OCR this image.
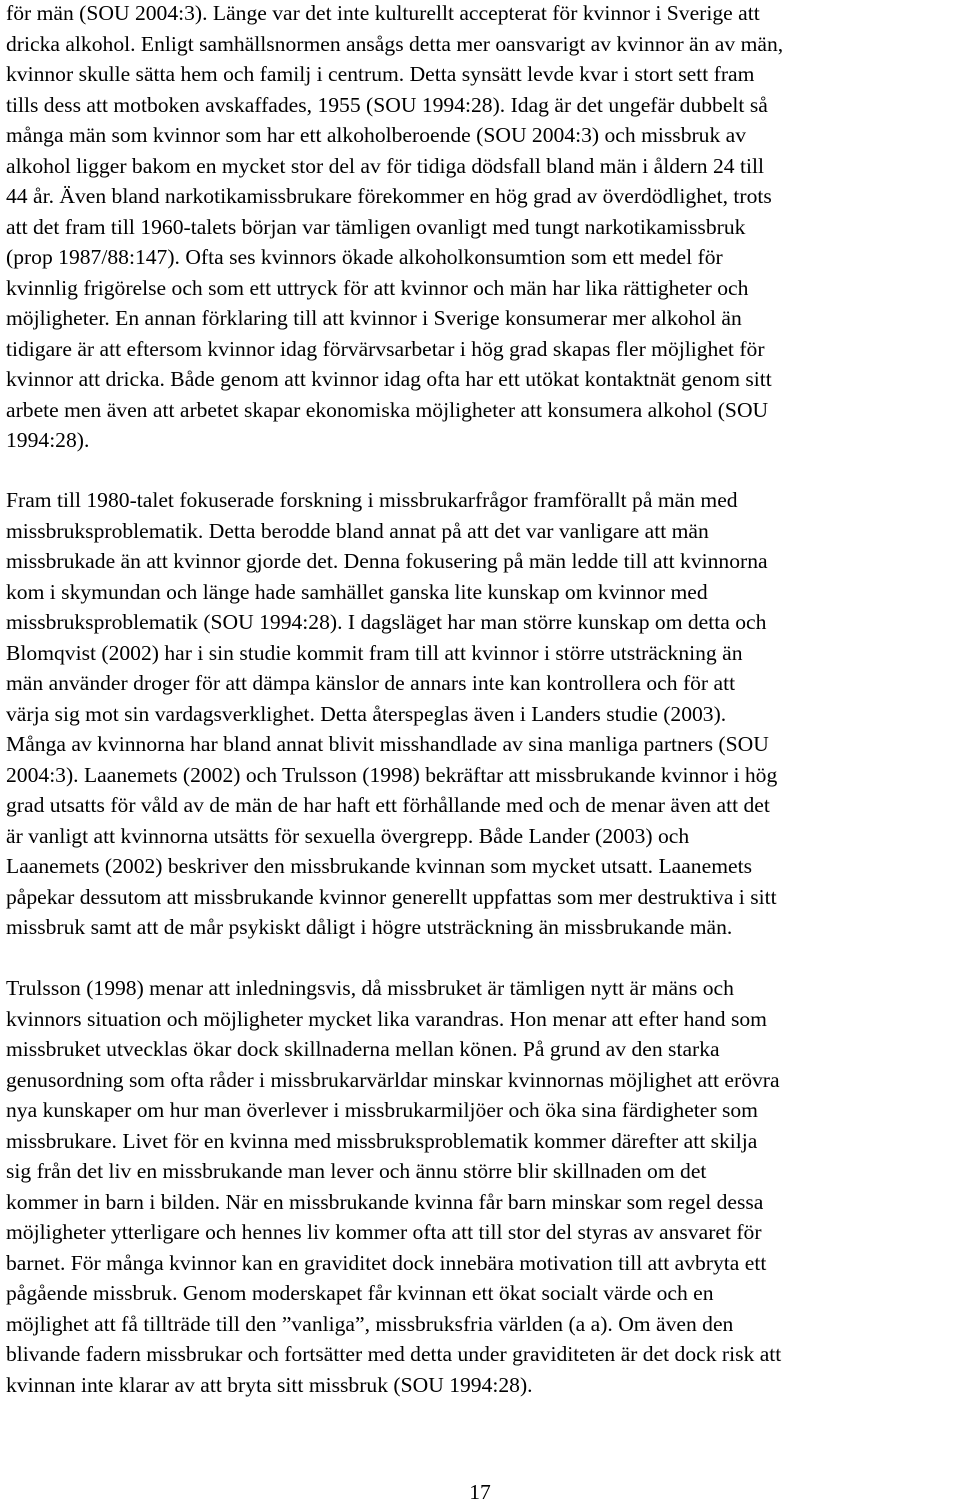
för män (SOU 2004:3). Länge var det inte kulturellt accepterat för kvinnor i Sverige att
dricka alkohol. Enligt samhällsnormen ansågs detta mer oansvarigt av kvinnor än av män,
kvinnor skulle sätta hem och familj i centrum. Detta synsätt levde kvar i stort sett fram
tills dess att motboken avskaffades, 1955 (SOU 1994:28). Idag är det ungefär dubbelt så
många män som kvinnor som har ett alkoholberoende (SOU 2004:3) och missbruk av
alkohol ligger bakom en mycket stor del av för tidiga dödsfall bland män i åldern 24 till
44 år. Även bland narkotikamissbrukare förekommer en hög grad av överdödlighet, trots
att det fram till 1960-talets början var tämligen ovanligt med tungt narkotikamissbruk
(prop 1987/88:147). Ofta ses kvinnors ökade alkoholkonsumtion som ett medel för
kvinnlig frigörelse och som ett uttryck för att kvinnor och män har lika rättigheter och
möjligheter. En annan förklaring till att kvinnor i Sverige konsumerar mer alkohol än
tidigare är att eftersom kvinnor idag förvärvsarbetar i hög grad skapas fler möjlighet för
kvinnor att dricka. Både genom att kvinnor idag ofta har ett utökat kontaktnät genom sitt
arbete men även att arbetet skapar ekonomiska möjligheter att konsumera alkohol (SOU
1994:28).
Fram till 1980-talet fokuserade forskning i missbrukarfrågor framförallt på män med
missbruksproblematik. Detta berodde bland annat på att det var vanligare att män
missbrukade än att kvinnor gjorde det. Denna fokusering på män ledde till att kvinnorna
kom i skymundan och länge hade samhället ganska lite kunskap om kvinnor med
missbruksproblematik (SOU 1994:28). I dagsläget har man större kunskap om detta och
Blomqvist (2002) har i sin studie kommit fram till att kvinnor i större utsträckning än
män använder droger för att dämpa känslor de annars inte kan kontrollera och för att
värja sig mot sin vardagsverklighet. Detta återspeglas även i Landers studie (2003).
Många av kvinnorna har bland annat blivit misshandlade av sina manliga partners (SOU
2004:3). Laanemets (2002) och Trulsson (1998) bekräftar att missbrukande kvinnor i hög
grad utsatts för våld av de män de har haft ett förhållande med och de menar även att det
är vanligt att kvinnorna utsätts för sexuella övergrepp. Både Lander (2003) och
Laanemets (2002) beskriver den missbrukande kvinnan som mycket utsatt. Laanemets
påpekar dessutom att missbrukande kvinnor generellt uppfattas som mer destruktiva i sitt
missbruk samt att de mår psykiskt dåligt i högre utsträckning än missbrukande män.
Trulsson (1998) menar att inledningsvis, då missbruket är tämligen nytt är mäns och
kvinnors situation och möjligheter mycket lika varandras. Hon menar att efter hand som
missbruket utvecklas ökar dock skillnaderna mellan könen. På grund av den starka
genusordning som ofta råder i missbrukarvärldar minskar kvinnornas möjlighet att erövra
nya kunskaper om hur man överlever i missbrukarmiljöer och öka sina färdigheter som
missbrukare. Livet för en kvinna med missbruksproblematik kommer därefter att skilja
sig från det liv en missbrukande man lever och ännu större blir skillnaden om det
kommer in barn i bilden. När en missbrukande kvinna får barn minskar som regel dessa
möjligheter ytterligare och hennes liv kommer ofta att till stor del styras av ansvaret för
barnet. För många kvinnor kan en graviditet dock innebära motivation till att avbryta ett
pågående missbruk. Genom moderskapet får kvinnan ett ökat socialt värde och en
möjlighet att få tillträde till den ”vanliga”, missbruksfria världen (a a). Om även den
blivande fadern missbrukar och fortsätter med detta under graviditeten är det dock risk att
kvinnan inte klarar av att bryta sitt missbruk (SOU 1994:28).
17
